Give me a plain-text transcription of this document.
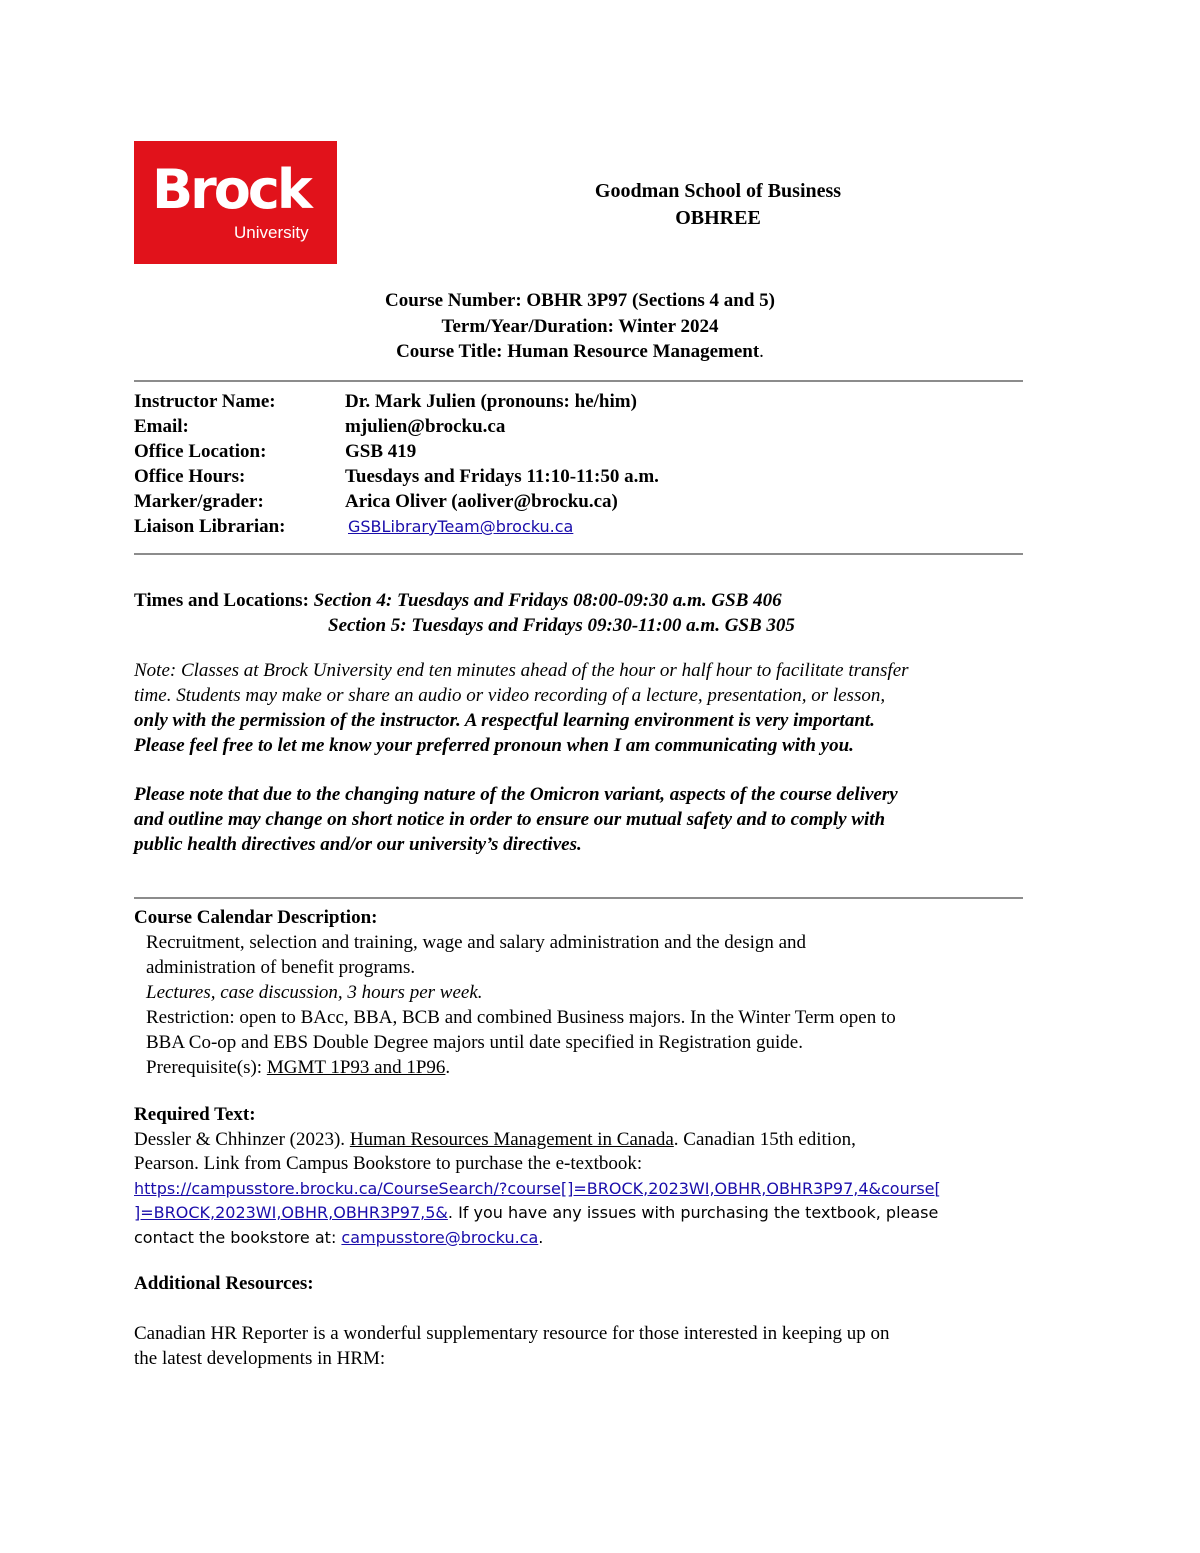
Brock
University
Goodman School of Business
OBHREE
Course Number: OBHR 3P97 (Sections 4 and 5)
Term/Year/Duration: Winter 2024
Course Title: Human Resource Management.
Instructor Name:	Dr. Mark Julien (pronouns: he/him)
Email:	mjulien@brocku.ca
Office Location:	GSB 419
Office Hours:	Tuesdays and Fridays 11:10-11:50 a.m.
Marker/grader:	Arica Oliver (aoliver@brocku.ca)
Liaison Librarian:	GSBLibraryTeam@brocku.ca
Times and Locations: Section 4: Tuesdays and Fridays 08:00-09:30 a.m. GSB 406
Section 5: Tuesdays and Fridays 09:30-11:00 a.m. GSB 305
Note: Classes at Brock University end ten minutes ahead of the hour or half hour to facilitate transfer
time. Students may make or share an audio or video recording of a lecture, presentation, or lesson,
only with the permission of the instructor. A respectful learning environment is very important.
Please feel free to let me know your preferred pronoun when I am communicating with you.
Please note that due to the changing nature of the Omicron variant, aspects of the course delivery
and outline may change on short notice in order to ensure our mutual safety and to comply with
public health directives and/or our university’s directives.
Course Calendar Description:
Recruitment, selection and training, wage and salary administration and the design and
administration of benefit programs.
Lectures, case discussion, 3 hours per week.
Restriction: open to BAcc, BBA, BCB and combined Business majors. In the Winter Term open to
BBA Co-op and EBS Double Degree majors until date specified in Registration guide.
Prerequisite(s): MGMT 1P93 and 1P96.
Required Text:
Dessler & Chhinzer (2023). Human Resources Management in Canada. Canadian 15th edition,
Pearson. Link from Campus Bookstore to purchase the e-textbook:
https://campusstore.brocku.ca/CourseSearch/?course[]=BROCK,2023WI,OBHR,OBHR3P97,4&course[
]=BROCK,2023WI,OBHR,OBHR3P97,5&. If you have any issues with purchasing the textbook, please
contact the bookstore at: campusstore@brocku.ca.
Additional Resources:
Canadian HR Reporter is a wonderful supplementary resource for those interested in keeping up on
the latest developments in HRM:
